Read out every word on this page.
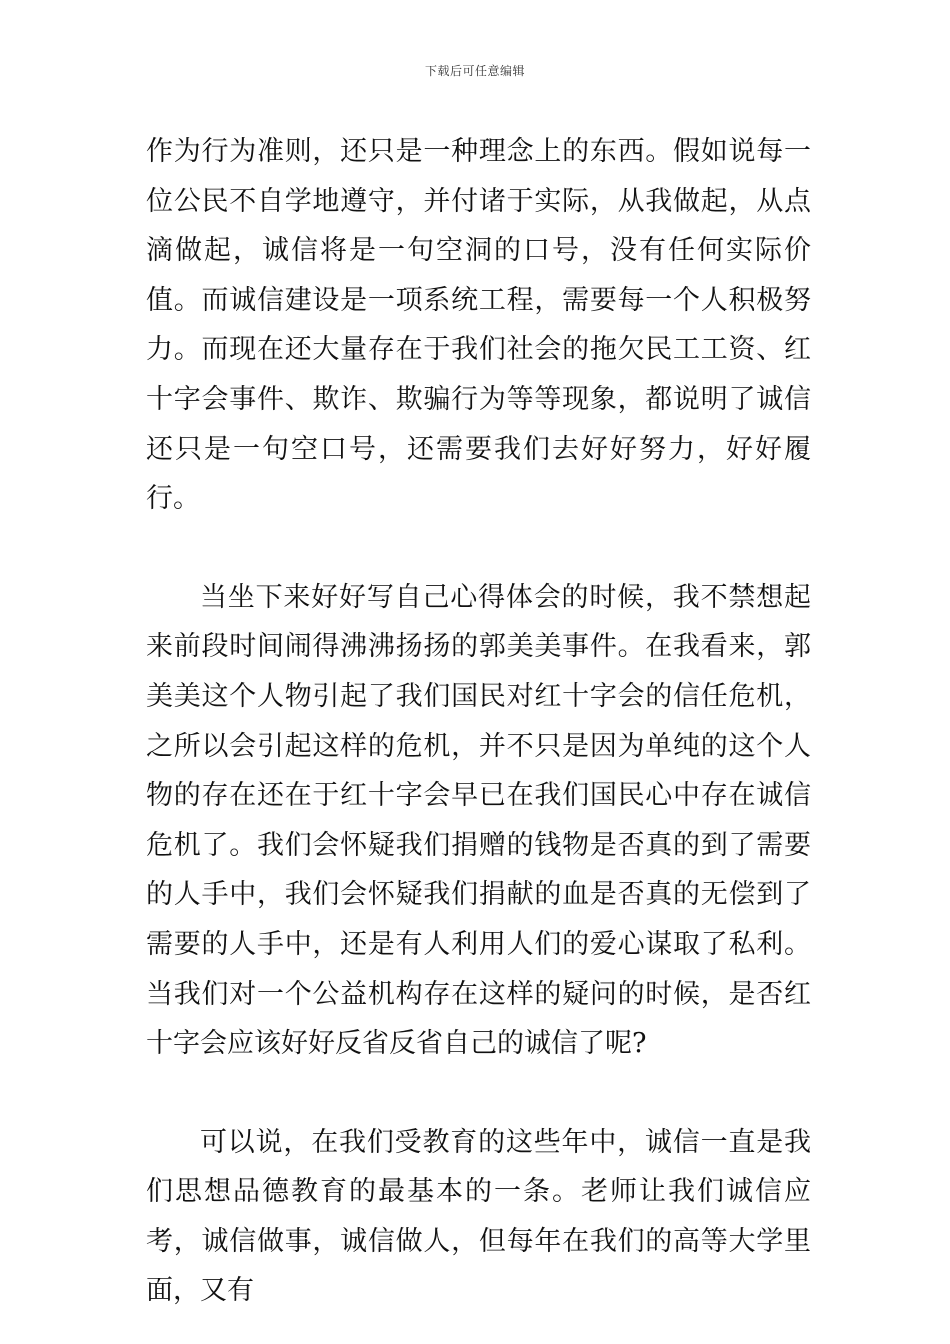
下载后可任意编辑

作为行为准则，还只是一种理念上的东西。假如说每一位公民不自学地遵守，并付诸于实际，从我做起，从点滴做起，诚信将是一句空洞的口号，没有任何实际价值。而诚信建设是一项系统工程，需要每一个人积极努力。而现在还大量存在于我们社会的拖欠民工工资、红十字会事件、欺诈、欺骗行为等等现象，都说明了诚信还只是一句空口号，还需要我们去好好努力，好好履行。

当坐下来好好写自己心得体会的时候，我不禁想起来前段时间闹得沸沸扬扬的郭美美事件。在我看来，郭美美这个人物引起了我们国民对红十字会的信任危机，之所以会引起这样的危机，并不只是因为单纯的这个人物的存在还在于红十字会早已在我们国民心中存在诚信危机了。我们会怀疑我们捐赠的钱物是否真的到了需要的人手中，我们会怀疑我们捐献的血是否真的无偿到了需要的人手中，还是有人利用人们的爱心谋取了私利。当我们对一个公益机构存在这样的疑问的时候，是否红十字会应该好好反省反省自己的诚信了呢?

可以说，在我们受教育的这些年中，诚信一直是我们思想品德教育的最基本的一条。老师让我们诚信应考，诚信做事，诚信做人，但每年在我们的高等大学里面，又有
